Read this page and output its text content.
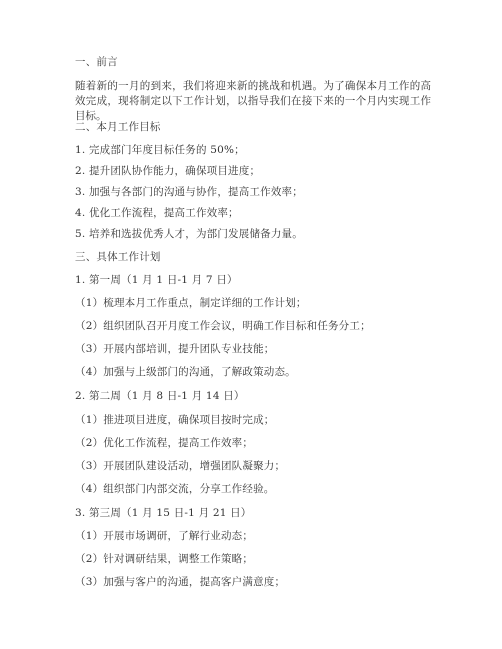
一、前言
随着新的一月的到来，我们将迎来新的挑战和机遇。为了确保本月工作的高效完成，现将制定以下工作计划，以指导我们在接下来的一个月内实现工作目标。
二、本月工作目标
1. 完成部门年度目标任务的 50%；
2. 提升团队协作能力，确保项目进度；
3. 加强与各部门的沟通与协作，提高工作效率；
4. 优化工作流程，提高工作效率；
5. 培养和选拔优秀人才，为部门发展储备力量。
三、具体工作计划
1. 第一周（1 月 1 日-1 月 7 日）
（1）梳理本月工作重点，制定详细的工作计划；
（2）组织团队召开月度工作会议，明确工作目标和任务分工；
（3）开展内部培训，提升团队专业技能；
（4）加强与上级部门的沟通，了解政策动态。
2. 第二周（1 月 8 日-1 月 14 日）
（1）推进项目进度，确保项目按时完成；
（2）优化工作流程，提高工作效率；
（3）开展团队建设活动，增强团队凝聚力；
（4）组织部门内部交流，分享工作经验。
3. 第三周（1 月 15 日-1 月 21 日）
（1）开展市场调研，了解行业动态；
（2）针对调研结果，调整工作策略；
（3）加强与客户的沟通，提高客户满意度；
